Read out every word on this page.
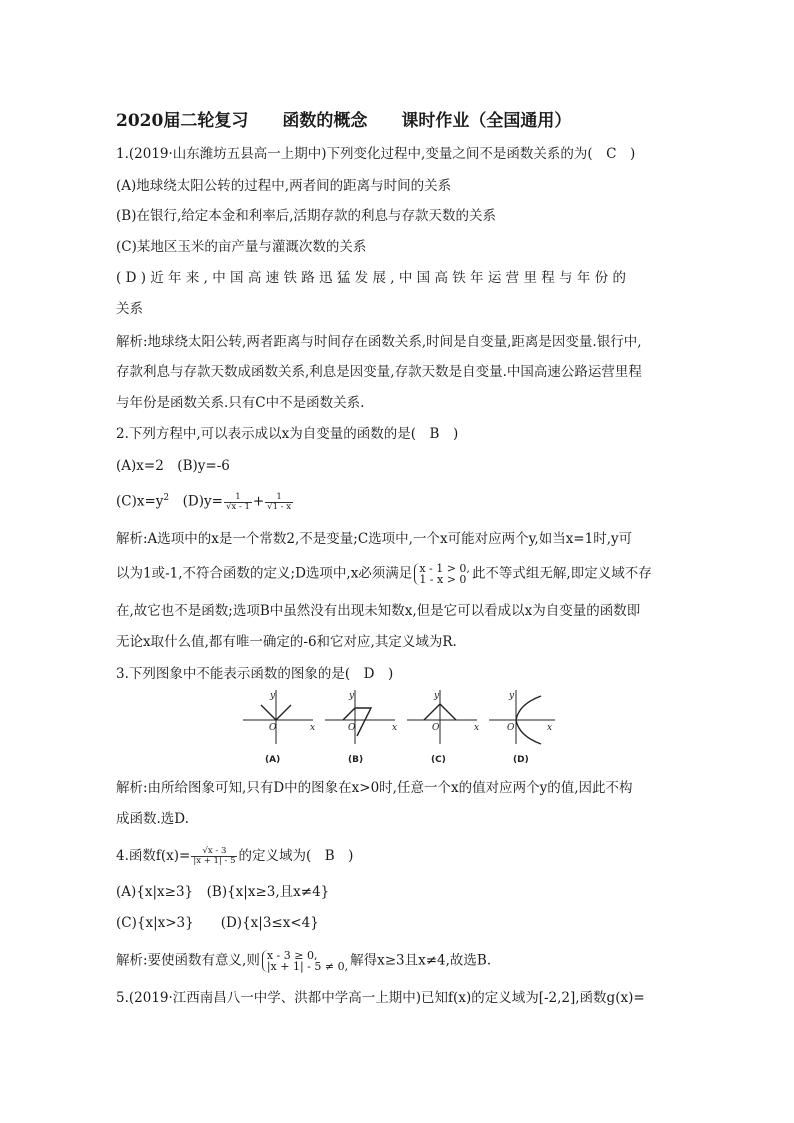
2020届二轮复习　　函数的概念　　课时作业（全国通用）
1.(2019·山东潍坊五县高一上期中)下列变化过程中,变量之间不是函数关系的为(　C　)
(A)地球绕太阳公转的过程中,两者间的距离与时间的关系
(B)在银行,给定本金和利率后,活期存款的利息与存款天数的关系
(C)某地区玉米的亩产量与灌溉次数的关系
(D)近年来,中国高速铁路迅猛发展,中国高铁年运营里程与年份的
关系
解析:地球绕太阳公转,两者距离与时间存在函数关系,时间是自变量,距离是因变量.银行中,
存款利息与存款天数成函数关系,利息是因变量,存款天数是自变量.中国高速公路运营里程
与年份是函数关系.只有C中不是函数关系.
2.下列方程中,可以表示成以x为自变量的函数的是(　B　)
(A)x=2　(B)y=-6
$(C)x=y^2$　$(D)y= \frac{1}{√x - 1} + \frac{1}{√1 - x}$
解析:A选项中的x是一个常数2,不是变量;C选项中,一个x可能对应两个y,如当x=1时,y可
以为1或-1,不符合函数的定义;D选项中,x必须满足 x - 1 > 0,
1 - x > 0 此不等式组无解,即定义域不存
在,故它也不是函数;选项B中虽然没有出现未知数x,但是它可以看成以x为自变量的函数即
无论x取什么值,都有唯一确定的-6和它对应,其定义域为R.
3.下列图象中不能表示函数的图象的是(　D　)
y
x
O
y
x
O
y
x
O
y
x
O
(A)	(B)	(C)	(D)
解析:由所给图象可知,只有D中的图象在x>0时,任意一个x的值对应两个y的值,因此不构
成函数.选D.
4.函数$f(x)= \frac{√x - 3}{|x + 1| - 5}$ 的定义域为(　B　)
(A){x|x≥3}　(B){x|x≥3,且x≠4}
(C){x|x>3}　　(D){x|3≤x<4}
解析:要使函数有意义,则 x - 3 ≥ 0,
|x + 1| - 5 ≠ 0, 解得x≥3且x≠4,故选B.
5.(2019·江西南昌八一中学、洪都中学高一上期中)已知f(x)的定义域为[-2,2],函数g(x)=
